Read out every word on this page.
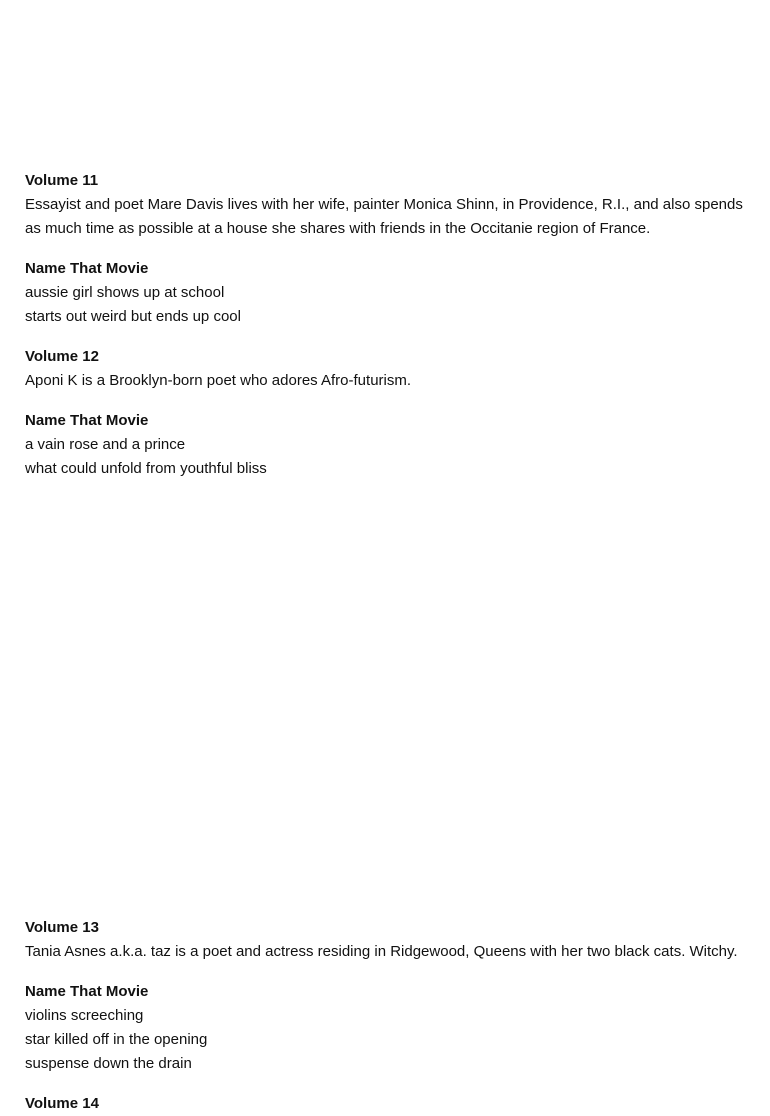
Volume 11

Essayist and poet Mare Davis lives with her wife, painter Monica Shinn, in Providence, R.I., and also spends as much time as possible at a house she shares with friends in the Occitanie region of France.

Name That Movie

aussie girl shows up at school
starts out weird but ends up cool

Volume 12

Aponi K is a Brooklyn-born poet who adores Afro-futurism.

Name That Movie

a vain rose and a prince
what could unfold from youthful bliss

Volume 13

Tania Asnes a.k.a. taz is a poet and actress residing in Ridgewood, Queens with her two black cats. Witchy.

Name That Movie

violins screeching
star killed off in the opening
suspense down the drain

Volume 14
